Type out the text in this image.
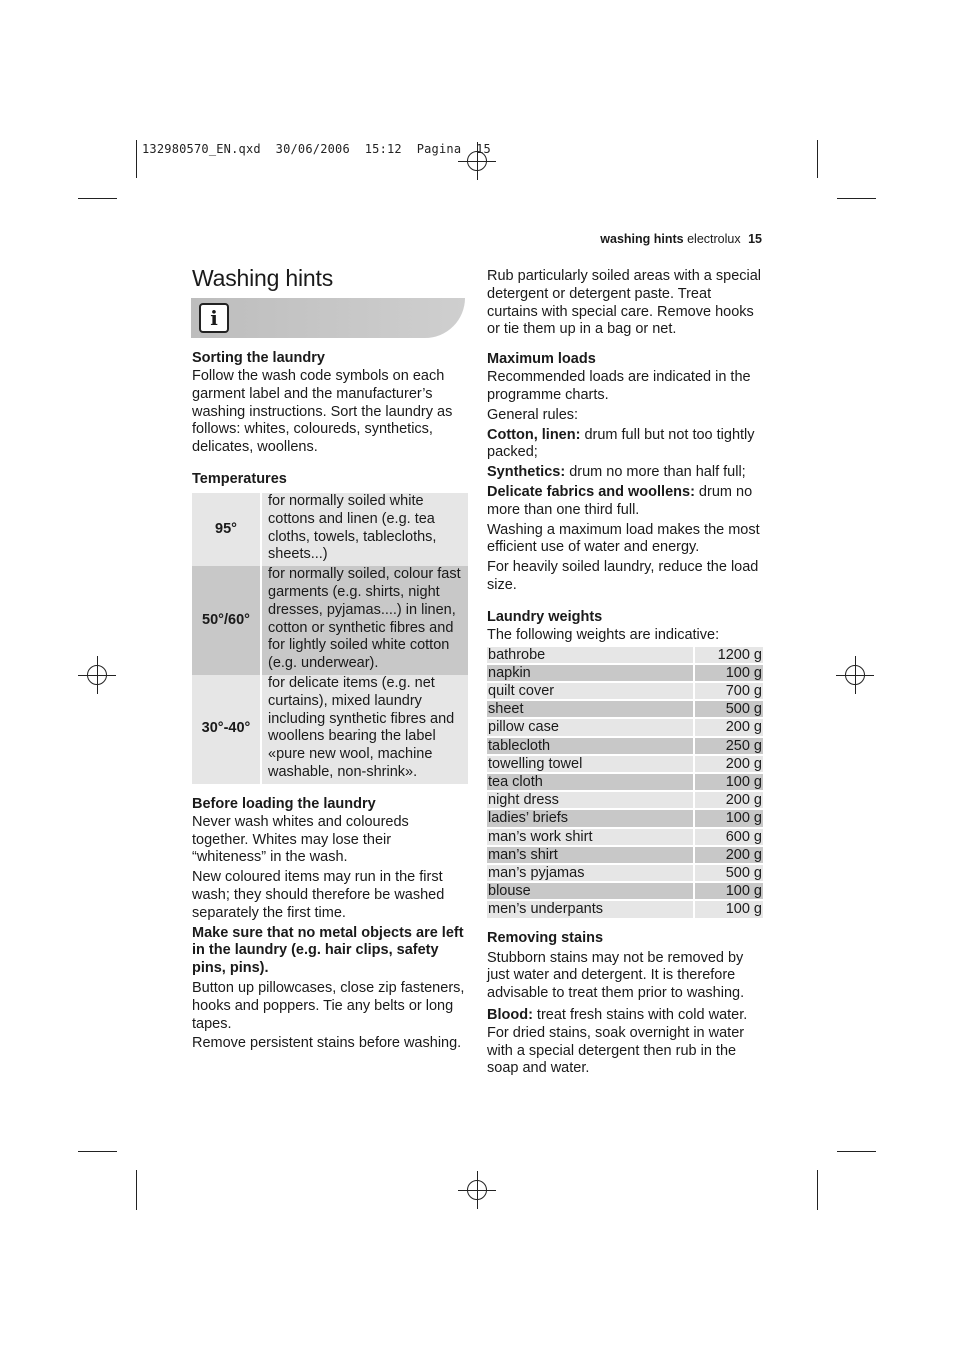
132980570_EN.qxd  30/06/2006  15:12  Pagina  15
washing hints electrolux 15
Washing hints
i
Sorting the laundry

Follow the wash code symbols on each garment label and the manufacturer’s washing instructions. Sort the laundry as follows: whites, coloureds, synthetics, delicates, woollens.

Temperatures
95°	for normally soiled white cottons and linen (e.g. tea cloths, towels, tablecloths, sheets...)
50°/60°	for normally soiled, colour fast garments (e.g. shirts, night dresses, pyjamas....) in linen, cotton or synthetic fibres and for lightly soiled white cotton (e.g. underwear).
30°-40°	for delicate items (e.g. net curtains), mixed laundry including synthetic fibres and woollens bearing the label «pure new wool, machine washable, non-shrink».
Before loading the laundry

Never wash whites and coloureds together. Whites may lose their “whiteness” in the wash.

New coloured items may run in the first wash; they should therefore be washed separately the first time.

Make sure that no metal objects are left in the laundry (e.g. hair clips, safety pins, pins).

Button up pillowcases, close zip fasteners, hooks and poppers. Tie any belts or long tapes.

Remove persistent stains before washing.

Rub particularly soiled areas with a special detergent or detergent paste. Treat curtains with special care. Remove hooks or tie them up in a bag or net.

Maximum loads

Recommended loads are indicated in the programme charts.

General rules:

Cotton, linen: drum full but not too tightly packed;

Synthetics: drum no more than half full;

Delicate fabrics and woollens: drum no more than one third full.

Washing a maximum load makes the most efficient use of water and energy.

For heavily soiled laundry, reduce the load size.

Laundry weights

The following weights are indicative:

bathrobe	1200 g
napkin	100 g
quilt cover	700 g
sheet	500 g
pillow case	200 g
tablecloth	250 g
towelling towel	200 g
tea cloth	100 g
night dress	200 g
ladies’ briefs	100 g
man’s work shirt	600 g
man’s shirt	200 g
man’s pyjamas	500 g
blouse	100 g
men’s underpants	100 g
Removing stains

Stubborn stains may not be removed by just water and detergent. It is therefore advisable to treat them prior to washing.

Blood: treat fresh stains with cold water. For dried stains, soak overnight in water with a special detergent then rub in the soap and water.
